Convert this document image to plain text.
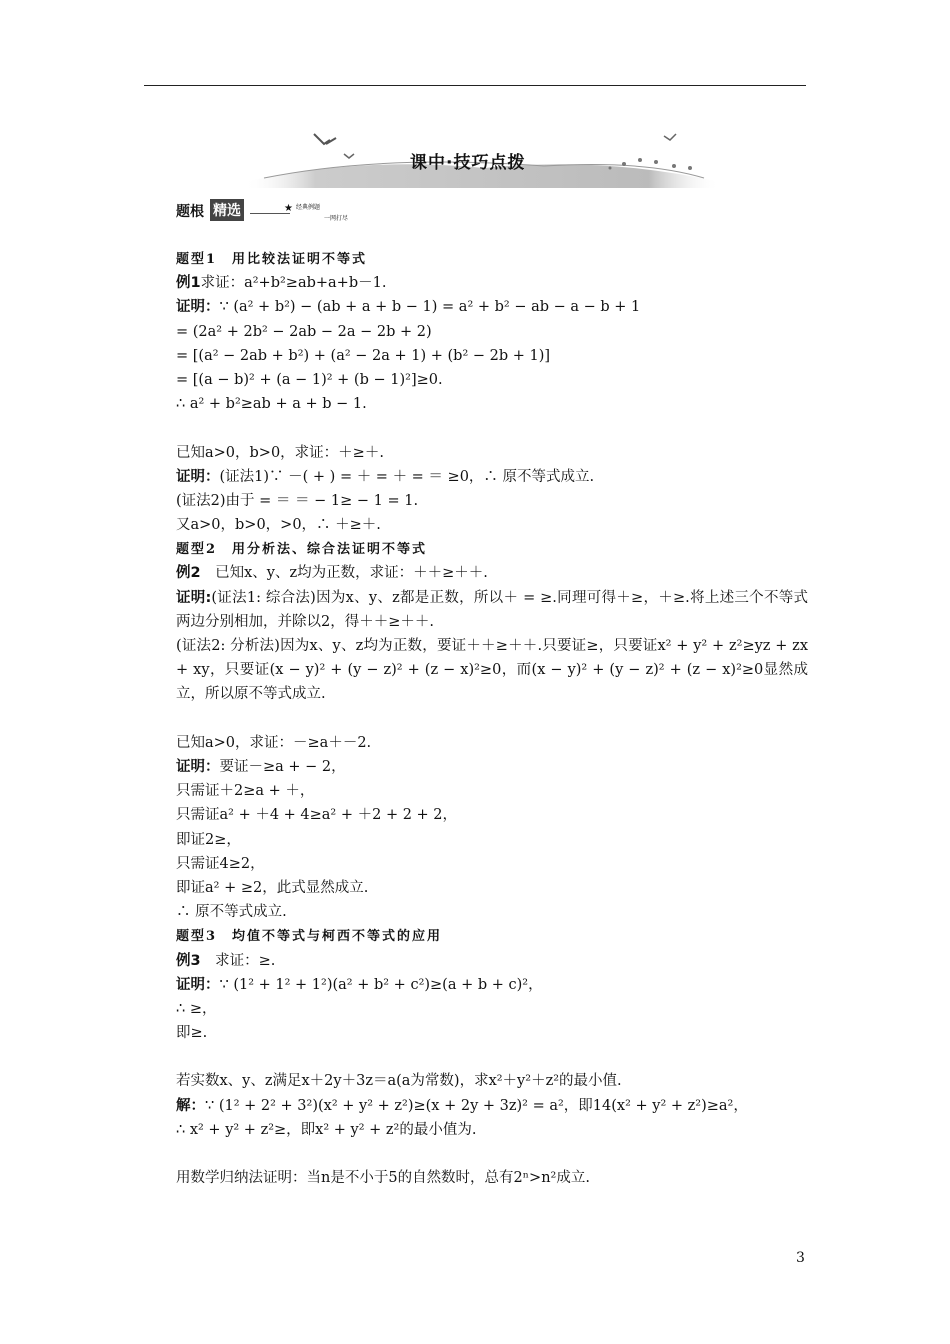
课中·技巧点拨
题根 精选	★ 经典例题
一网打尽
题型1　用比较法证明不等式
例1求证：a²+b²≥ab+a+b－1.
证明：∵ (a² + b²) − (ab + a + b − 1) = a² + b² − ab − a − b + 1
= (2a² + 2b² − 2ab − 2a − 2b + 2)
= [(a² − 2ab + b²) + (a² − 2a + 1) + (b² − 2b + 1)]
= [(a − b)² + (a − 1)² + (b − 1)²]≥0.
∴ a² + b²≥ab + a + b − 1.
已知a>0，b>0，求证：＋≥＋.
证明：(证法1)∵ －( + ) = ＋ = ＋ = ＝ ≥0，∴ 原不等式成立.
(证法2)由于 = ＝ ＝ − 1≥ − 1 = 1.
又a>0，b>0，>0，∴ ＋≥＋.
题型2　用分析法、综合法证明不等式
例2　已知x、y、z均为正数，求证：＋＋≥＋＋.
证明:(证法1: 综合法)因为x、y、z都是正数，所以＋ = ≥.同理可得＋≥，＋≥.将上述三个不等式两边分别相加，并除以2，得＋＋≥＋＋.
(证法2: 分析法)因为x、y、z均为正数，要证＋＋≥＋＋.只要证≥，只要证x² + y² + z²≥yz + zx + xy，只要证(x − y)² + (y − z)² + (z − x)²≥0，而(x − y)² + (y − z)² + (z − x)²≥0显然成立，所以原不等式成立.
已知a>0，求证：－≥a＋－2.
证明：要证－≥a + − 2，
只需证＋2≥a + ＋，
只需证a² + ＋4 + 4≥a² + ＋2 + 2 + 2，
即证2≥，
只需证4≥2，
即证a² + ≥2，此式显然成立.
∴ 原不等式成立.
题型3　均值不等式与柯西不等式的应用
例3　求证：≥.
证明：∵ (1² + 1² + 1²)(a² + b² + c²)≥(a + b + c)²，
∴ ≥，
即≥.
若实数x、y、z满足x＋2y＋3z＝a(a为常数)，求x²＋y²＋z²的最小值.
解：∵ (1² + 2² + 3²)(x² + y² + z²)≥(x + 2y + 3z)² = a²，即14(x² + y² + z²)≥a²，
∴ x² + y² + z²≥，即x² + y² + z²的最小值为.
用数学归纳法证明：当n是不小于5的自然数时，总有2ⁿ>n²成立.
3
